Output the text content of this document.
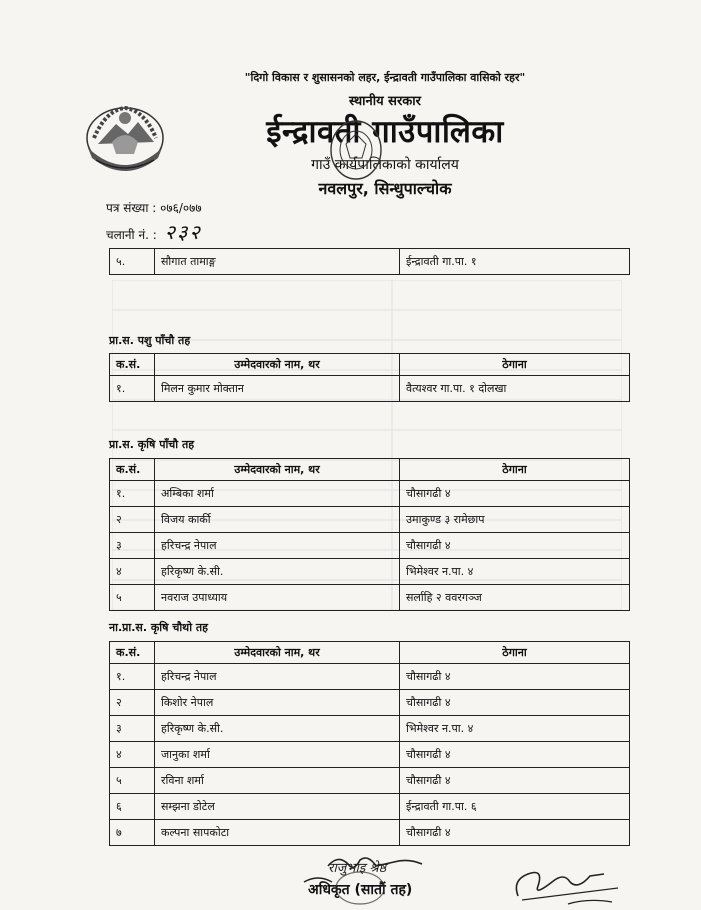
"दिगो विकास र शुसासनको लहर, ईन्द्रावती गाउँपालिका वासिको रहर"
स्थानीय सरकार
ईन्द्रावती गाउँपालिका
गाउँ कार्यपालिकाको कार्यालय
नवलपुर, सिन्धुपाल्चोक
पत्र संख्या : ०७६/०७७
चलानी नं. : २३२
५.	सौगात तामाङ्ग	ईन्द्रावती गा.पा. १
प्रा.स. पशु पाँचौ तह
क.सं.	उम्मेदवारको नाम, थर	ठेगाना
१.	मिलन कुमार मोक्तान	वैत्यश्वर गा.पा. १ दोलखा
प्रा.स. कृषि पाँचौ तह
क.सं.	उम्मेदवारको नाम, थर	ठेगाना
१.	अम्बिका शर्मा	चौसागढी ४
२	विजय कार्की	उमाकुण्ड ३ रामेछाप
३	हरिचन्द्र नेपाल	चौसागढी ४
४	हरिकृष्ण के.सी.	भिमेश्वर न.पा. ४
५	नवराज उपाध्याय	सर्लाहि २ ववरगञ्ज
ना.प्रा.स. कृषि चौथो तह
क.सं.	उम्मेदवारको नाम, थर	ठेगाना
१.	हरिचन्द्र नेपाल	चौसागढी ४
२	किशोर नेपाल	चौसागढी ४
३	हरिकृष्ण के.सी.	भिमेश्वर न.पा. ४
४	जानुका शर्मा	चौसागढी ४
५	रविना शर्मा	चौसागढी ४
६	सम्झना डोटेल	ईन्द्रावती गा.पा. ६
७	कल्पना सापकोटा	चौसागढी ४
राजुभाइ श्रेष्ठ
अधिकृत (सातौं तह)
